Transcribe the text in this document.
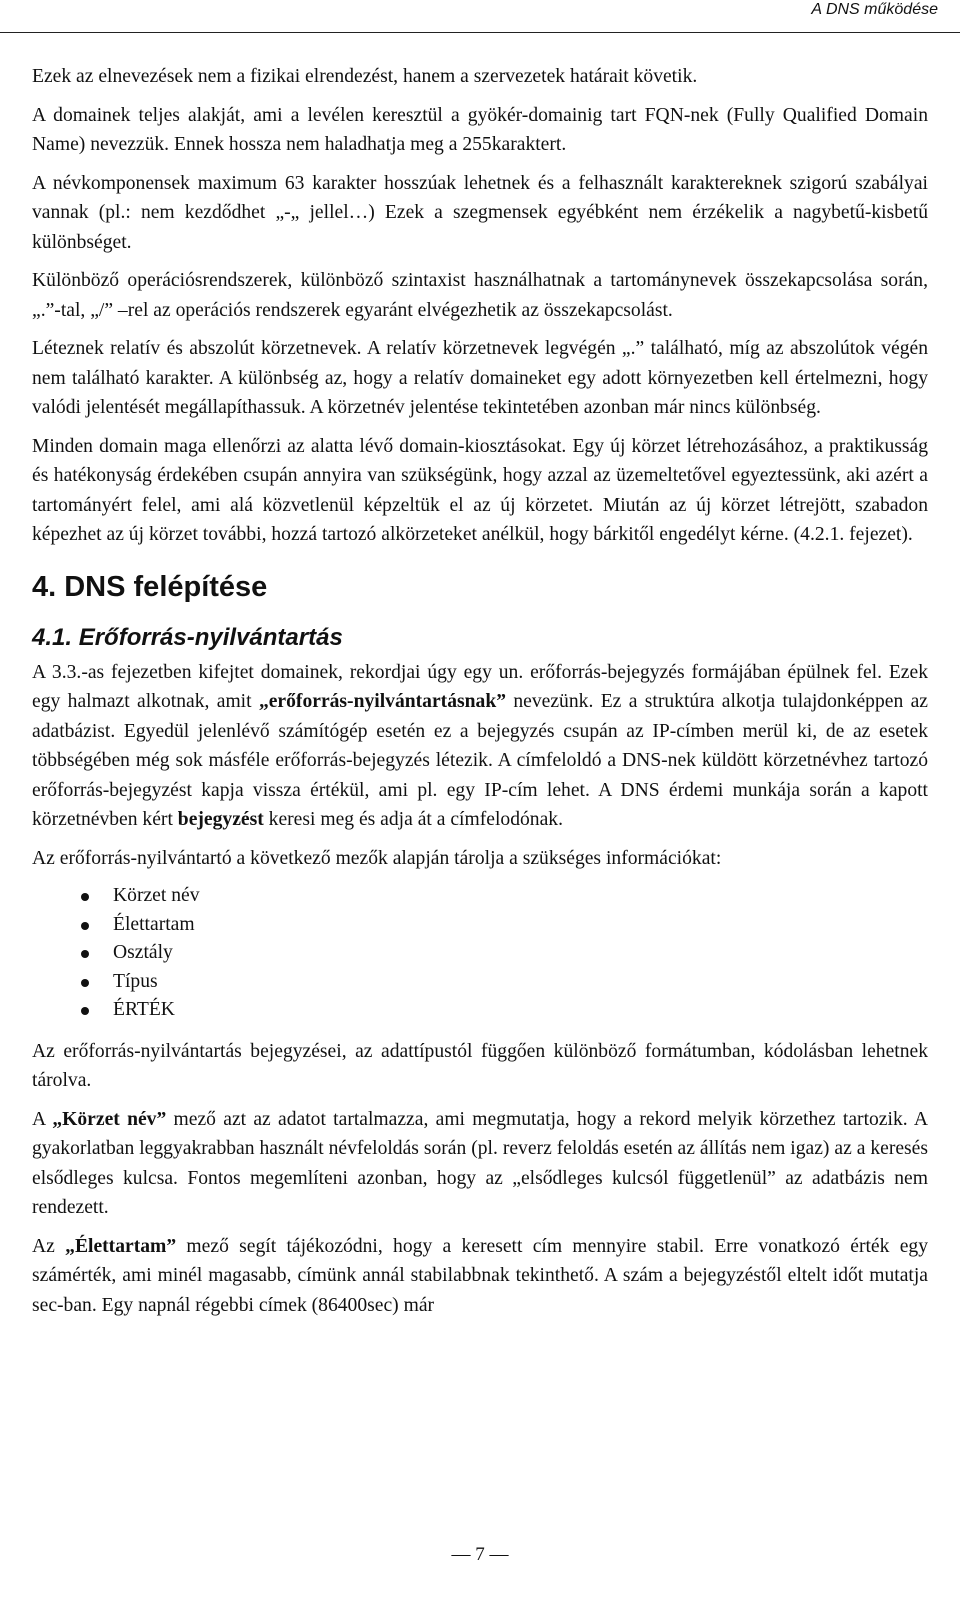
A DNS működése

Ezek az elnevezések nem a fizikai elrendezést, hanem a szervezetek határait követik.

A domainek teljes alakját, ami a levélen keresztül a gyökér-domainig tart FQN-nek (Fully Qualified Domain Name) nevezzük. Ennek hossza nem haladhatja meg a 255karaktert.

A névkomponensek maximum 63 karakter hosszúak lehetnek és a felhasznált karaktereknek szigorú szabályai vannak (pl.: nem kezdődhet „-„ jellel…) Ezek a szegmensek egyébként nem érzékelik a nagybetű-kisbetű különbséget.

Különböző operációsrendszerek, különböző szintaxist használhatnak a tartománynevek összekapcsolása során, „.”-tal, „/” –rel az operációs rendszerek egyaránt elvégezhetik az összekapcsolást.

Léteznek relatív és abszolút körzetnevek. A relatív körzetnevek legvégén „.” található, míg az abszolútok végén nem található karakter. A különbség az, hogy a relatív domaineket egy adott környezetben kell értelmezni, hogy valódi jelentését megállapíthassuk. A körzetnév jelentése tekintetében azonban már nincs különbség.

Minden domain maga ellenőrzi az alatta lévő domain-kiosztásokat. Egy új körzet létrehozásához, a praktikusság és hatékonyság érdekében csupán annyira van szükségünk, hogy azzal az üzemeltetővel egyeztessünk, aki azért a tartományért felel, ami alá közvetlenül képzeltük el az új körzetet. Miután az új körzet létrejött, szabadon képezhet az új körzet további, hozzá tartozó alkörzeteket anélkül, hogy bárkitől engedélyt kérne. (4.2.1. fejezet).

4. DNS felépítése
4.1. Erőforrás-nyilvántartás

A 3.3.-as fejezetben kifejtet domainek, rekordjai úgy egy un. erőforrás-bejegyzés formájában épülnek fel. Ezek egy halmazt alkotnak, amit „erőforrás-nyilvántartásnak” nevezünk. Ez a struktúra alkotja tulajdonképpen az adatbázist. Egyedül jelenlévő számítógép esetén ez a bejegyzés csupán az IP-címben merül ki, de az esetek többségében még sok másféle erőforrás-bejegyzés létezik. A címfeloldó a DNS-nek küldött körzetnévhez tartozó erőforrás-bejegyzést kapja vissza értékül, ami pl. egy IP-cím lehet. A DNS érdemi munkája során a kapott körzetnévben kért bejegyzést keresi meg és adja át a címfelodónak.

Az erőforrás-nyilvántartó a következő mezők alapján tárolja a szükséges információkat:

Körzet név
Élettartam
Osztály
Típus
ÉRTÉK

Az erőforrás-nyilvántartás bejegyzései, az adattípustól függően különböző formátumban, kódolásban lehetnek tárolva.

A „Körzet név” mező azt az adatot tartalmazza, ami megmutatja, hogy a rekord melyik körzethez tartozik. A gyakorlatban leggyakrabban használt névfeloldás során (pl. reverz feloldás esetén az állítás nem igaz) az a keresés elsődleges kulcsa. Fontos megemlíteni azonban, hogy az „elsődleges kulcsól függetlenül” az adatbázis nem rendezett.

Az „Élettartam” mező segít tájékozódni, hogy a keresett cím mennyire stabil. Erre vonatkozó érték egy számérték, ami minél magasabb, címünk annál stabilabbnak tekinthető. A szám a bejegyzéstől eltelt időt mutatja sec-ban. Egy napnál régebbi címek (86400sec) már

— 7 —
